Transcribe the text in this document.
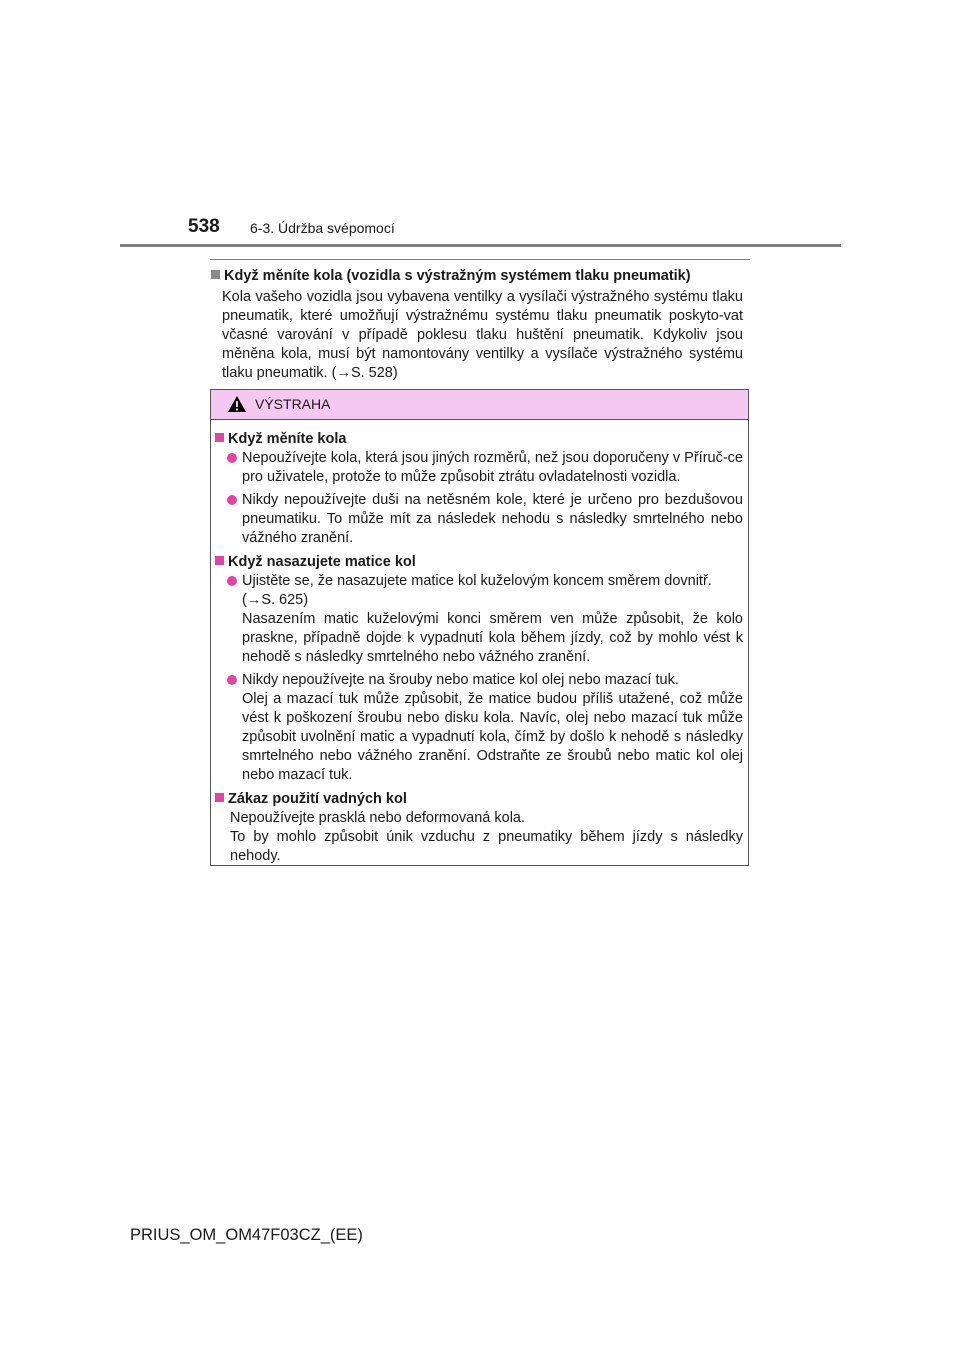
538 6-3. Údržba svépomocí
Když měníte kola (vozidla s výstražným systémem tlaku pneumatik)
Kola vašeho vozidla jsou vybavena ventilky a vysílači výstražného systému tlaku pneumatik, které umožňují výstražnému systému tlaku pneumatik poskyto-vat včasné varování v případě poklesu tlaku huštění pneumatik. Kdykoliv jsou měněna kola, musí být namontovány ventilky a vysílače výstražného systému tlaku pneumatik. (→S. 528)
VÝSTRAHA
Když měníte kola
Nepoužívejte kola, která jsou jiných rozměrů, než jsou doporučeny v Příruč-ce pro uživatele, protože to může způsobit ztrátu ovladatelnosti vozidla.
Nikdy nepoužívejte duši na netěsném kole, které je určeno pro bezdušovou pneumatiku. To může mít za následek nehodu s následky smrtelného nebo vážného zranění.
Když nasazujete matice kol
Ujistěte se, že nasazujete matice kol kuželovým koncem směrem dovnitř.
(→S. 625)
Nasazením matic kuželovými konci směrem ven může způsobit, že kolo praskne, případně dojde k vypadnutí kola během jízdy, což by mohlo vést k nehodě s následky smrtelného nebo vážného zranění.
Nikdy nepoužívejte na šrouby nebo matice kol olej nebo mazací tuk.
Olej a mazací tuk může způsobit, že matice budou příliš utažené, což může vést k poškození šroubu nebo disku kola. Navíc, olej nebo mazací tuk může způsobit uvolnění matic a vypadnutí kola, čímž by došlo k nehodě s následky smrtelného nebo vážného zranění. Odstraňte ze šroubů nebo matic kol olej nebo mazací tuk.
Zákaz použití vadných kol
Nepoužívejte prasklá nebo deformovaná kola.
To by mohlo způsobit únik vzduchu z pneumatiky během jízdy s následky nehody.
PRIUS_OM_OM47F03CZ_(EE)
